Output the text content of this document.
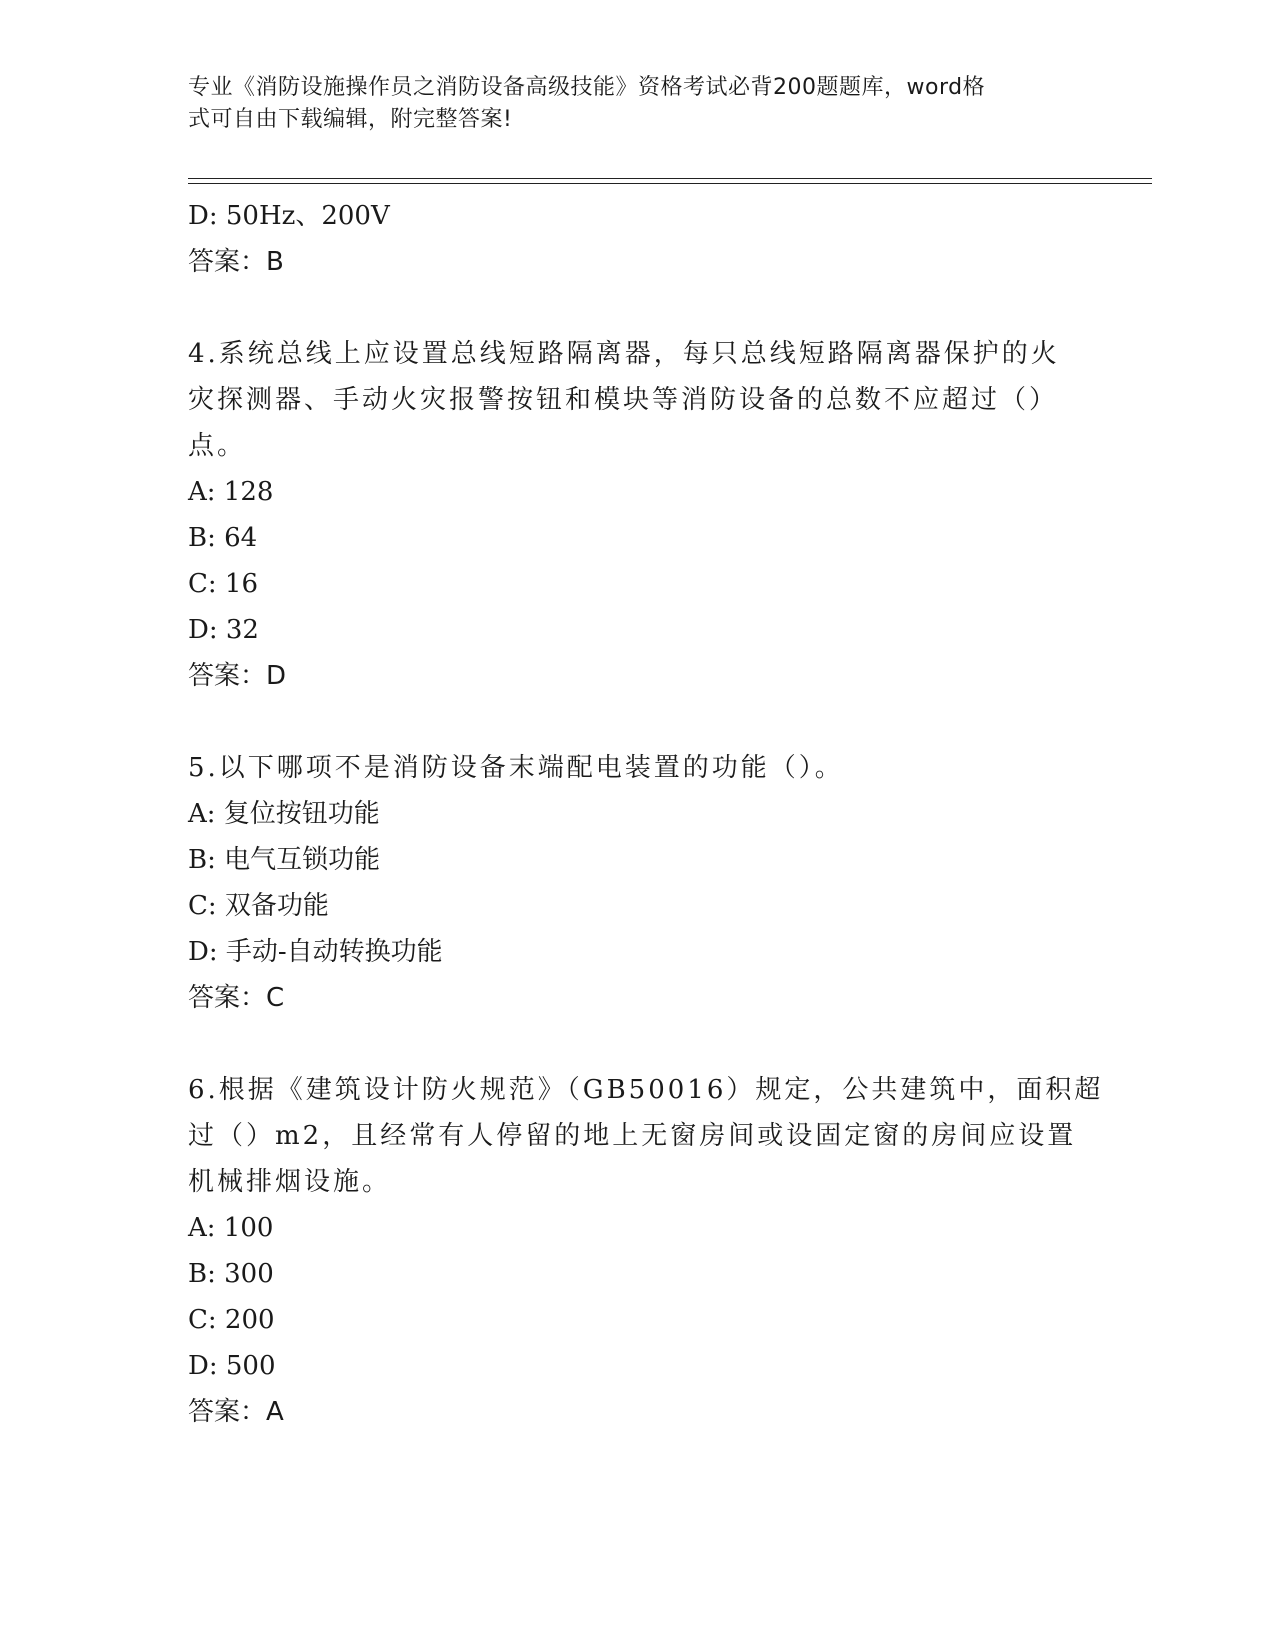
专业《消防设施操作员之消防设备高级技能》资格考试必背200题题库，word格
式可自由下载编辑，附完整答案!
D: 50Hz、200V
答案：B
4.系统总线上应设置总线短路隔离器，每只总线短路隔离器保护的火
灾探测器、手动火灾报警按钮和模块等消防设备的总数不应超过（）
点。
A: 128
B: 64
C: 16
D: 32
答案：D
5.以下哪项不是消防设备末端配电装置的功能（）。
A: 复位按钮功能
B: 电气互锁功能
C: 双备功能
D: 手动-自动转换功能
答案：C
6.根据《建筑设计防火规范》（GB50016）规定，公共建筑中，面积超
过（）m2，且经常有人停留的地上无窗房间或设固定窗的房间应设置
机械排烟设施。
A: 100
B: 300
C: 200
D: 500
答案：A
